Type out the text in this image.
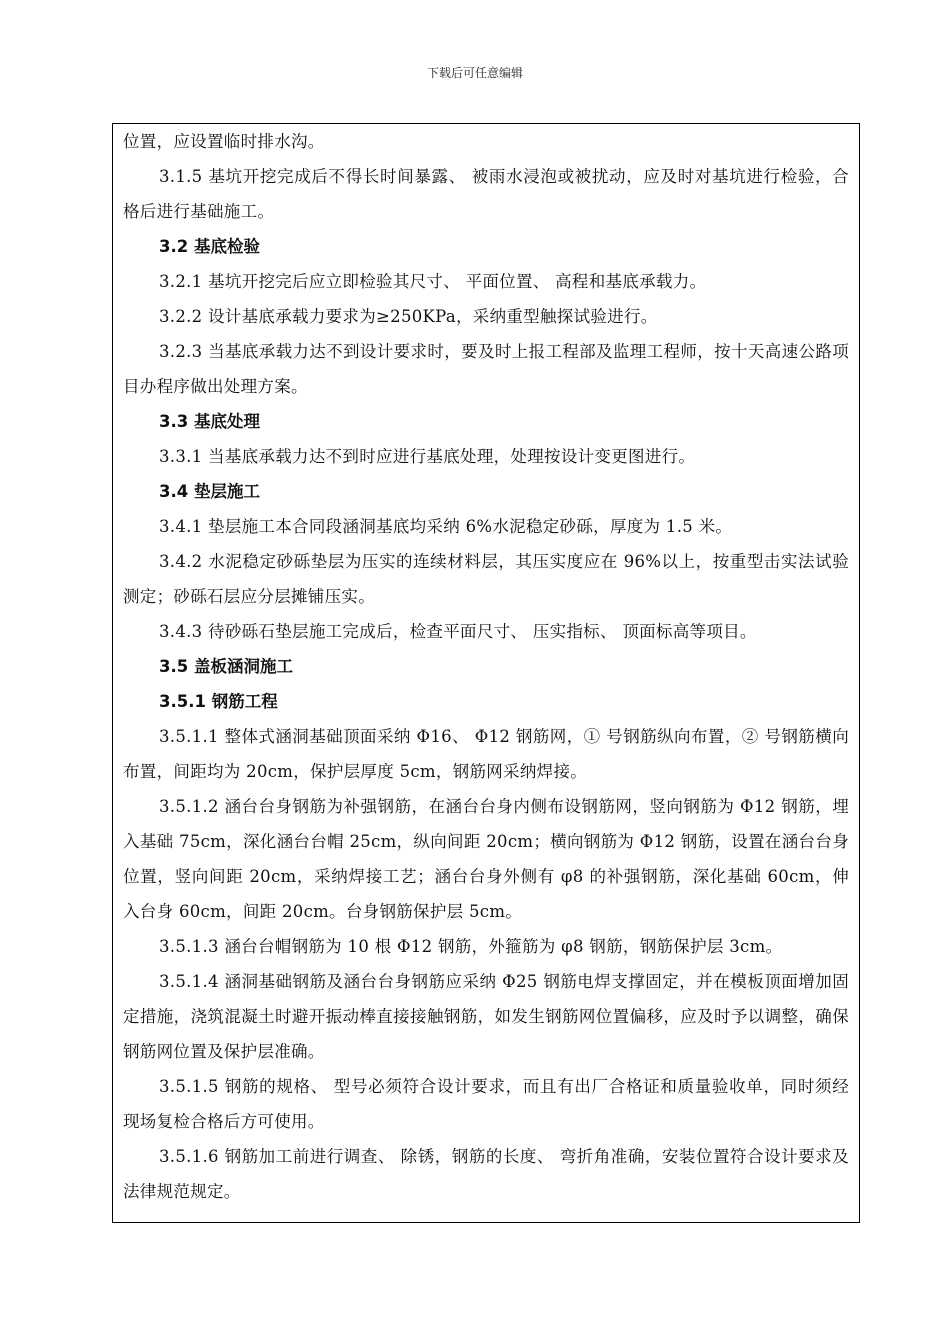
下载后可任意编辑

位置，应设置临时排水沟。

3.1.5 基坑开挖完成后不得长时间暴露、 被雨水浸泡或被扰动，应及时对基坑进行检验，合格后进行基础施工。

3.2 基底检验

3.2.1 基坑开挖完后应立即检验其尺寸、 平面位置、 高程和基底承载力。

3.2.2 设计基底承载力要求为≥250KPa，采纳重型触探试验进行。

3.2.3 当基底承载力达不到设计要求时，要及时上报工程部及监理工程师，按十天高速公路项目办程序做出处理方案。

3.3 基底处理

3.3.1 当基底承载力达不到时应进行基底处理，处理按设计变更图进行。

3.4 垫层施工

3.4.1 垫层施工本合同段涵洞基底均采纳 6%水泥稳定砂砾，厚度为 1.5 米。

3.4.2 水泥稳定砂砾垫层为压实的连续材料层，其压实度应在 96%以上，按重型击实法试验测定；砂砾石层应分层摊铺压实。

3.4.3 待砂砾石垫层施工完成后，检查平面尺寸、 压实指标、 顶面标高等项目。

3.5 盖板涵洞施工

3.5.1 钢筋工程

3.5.1.1 整体式涵洞基础顶面采纳 Φ16、 Φ12 钢筋网，① 号钢筋纵向布置，② 号钢筋横向布置，间距均为 20cm，保护层厚度 5cm，钢筋网采纳焊接。

3.5.1.2 涵台台身钢筋为补强钢筋，在涵台台身内侧布设钢筋网，竖向钢筋为 Φ12 钢筋，埋入基础 75cm，深化涵台台帽 25cm，纵向间距 20cm；横向钢筋为 Φ12 钢筋，设置在涵台台身位置，竖向间距 20cm，采纳焊接工艺；涵台台身外侧有 φ8 的补强钢筋，深化基础 60cm，伸入台身 60cm，间距 20cm。台身钢筋保护层 5cm。

3.5.1.3 涵台台帽钢筋为 10 根 Φ12 钢筋，外箍筋为 φ8 钢筋，钢筋保护层 3cm。

3.5.1.4 涵洞基础钢筋及涵台台身钢筋应采纳 Φ25 钢筋电焊支撑固定，并在模板顶面增加固定措施，浇筑混凝土时避开振动棒直接接触钢筋，如发生钢筋网位置偏移，应及时予以调整，确保钢筋网位置及保护层准确。

3.5.1.5 钢筋的规格、 型号必须符合设计要求，而且有出厂合格证和质量验收单，同时须经现场复检合格后方可使用。

3.5.1.6 钢筋加工前进行调查、 除锈，钢筋的长度、 弯折角准确，安装位置符合设计要求及法律规范规定。
